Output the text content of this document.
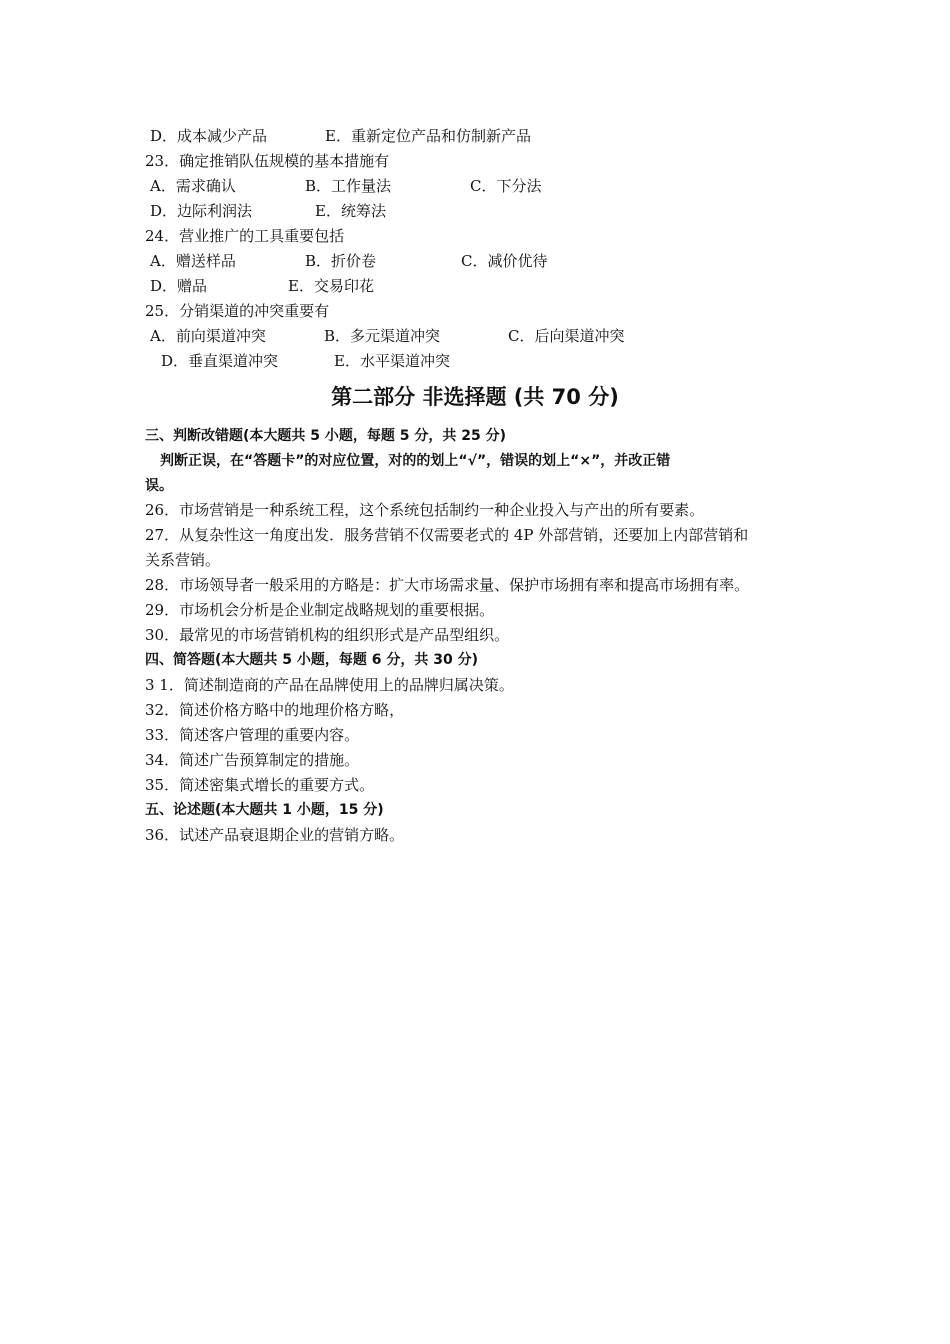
D．成本减少产品	E．重新定位产品和仿制新产品
23．确定推销队伍规模的基本措施有
A．需求确认	B．工作量法	C．下分法
D．边际利润法	E．统筹法
24．营业推广的工具重要包括
A．赠送样品	B．折价卷	C．减价优待
D．赠品	E．交易印花
25．分销渠道的冲突重要有
A．前向渠道冲突	B．多元渠道冲突	C．后向渠道冲突
D．垂直渠道冲突	E．水平渠道冲突
第二部分 非选择题 (共 70 分)
三、判断改错题(本大题共 5 小题，每题 5 分，共 25 分)
判断正误，在“答题卡”的对应位置，对的的划上“√”，错误的划上“×”，并改正错
误。
26．市场营销是一种系统工程，这个系统包括制约一种企业投入与产出的所有要素。
27．从复杂性这一角度出发．服务营销不仅需要老式的 4P 外部营销，还要加上内部营销和
关系营销。
28．市场领导者一般采用的方略是：扩大市场需求量、保护市场拥有率和提高市场拥有率。
29．市场机会分析是企业制定战略规划的重要根据。
30．最常见的市场营销机构的组织形式是产品型组织。
四、简答题(本大题共 5 小题，每题 6 分，共 30 分)
3 1．简述制造商的产品在品牌使用上的品牌归属决策。
32．简述价格方略中的地理价格方略，
33．简述客户管理的重要内容。
34．简述广告预算制定的措施。
35．简述密集式增长的重要方式。
五、论述题(本大题共 1 小题，15 分)
36．试述产品衰退期企业的营销方略。
